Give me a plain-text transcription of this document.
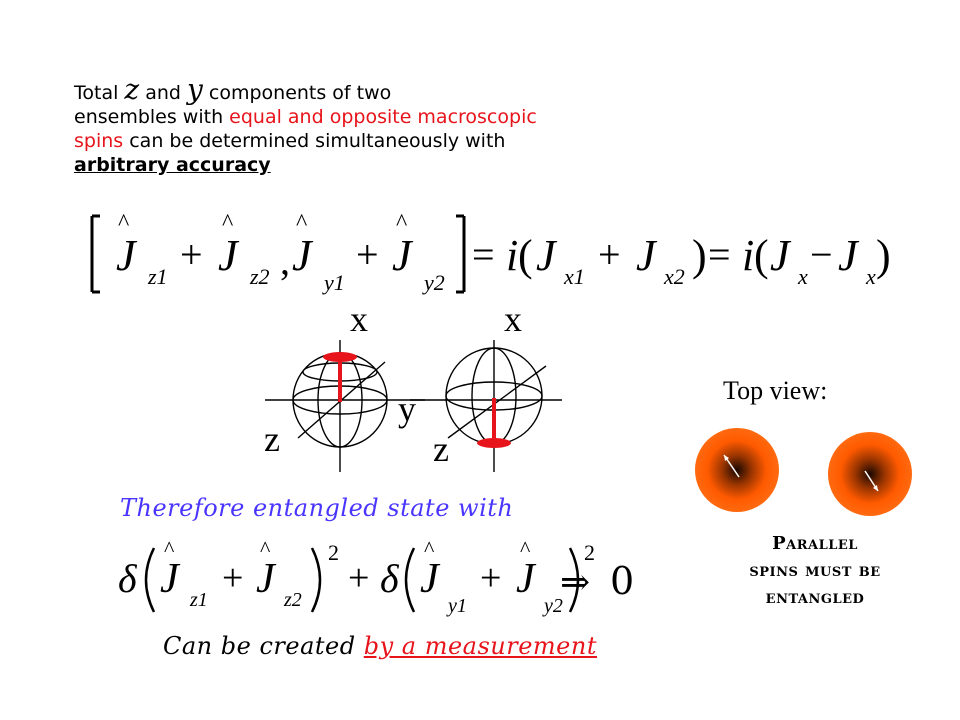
Total z and y components of two
ensembles with equal and opposite macroscopic spins can be determined simultaneously with arbitrary accuracy
J
^
z1 + J
^
z2 , J
^
y1
+ J
^
y2
= i ( J x1 + J x2 ) = i ( J x − J x )
x	x
y
z	z
Top view:
Parallel
spins must be
entangled
Therefore entangled state with
δ J
^
z1
+ J
^
z2
2
+ δ J
^
y1
+ J
^
y2
2
⇒ 0
Can be created by a measurement
